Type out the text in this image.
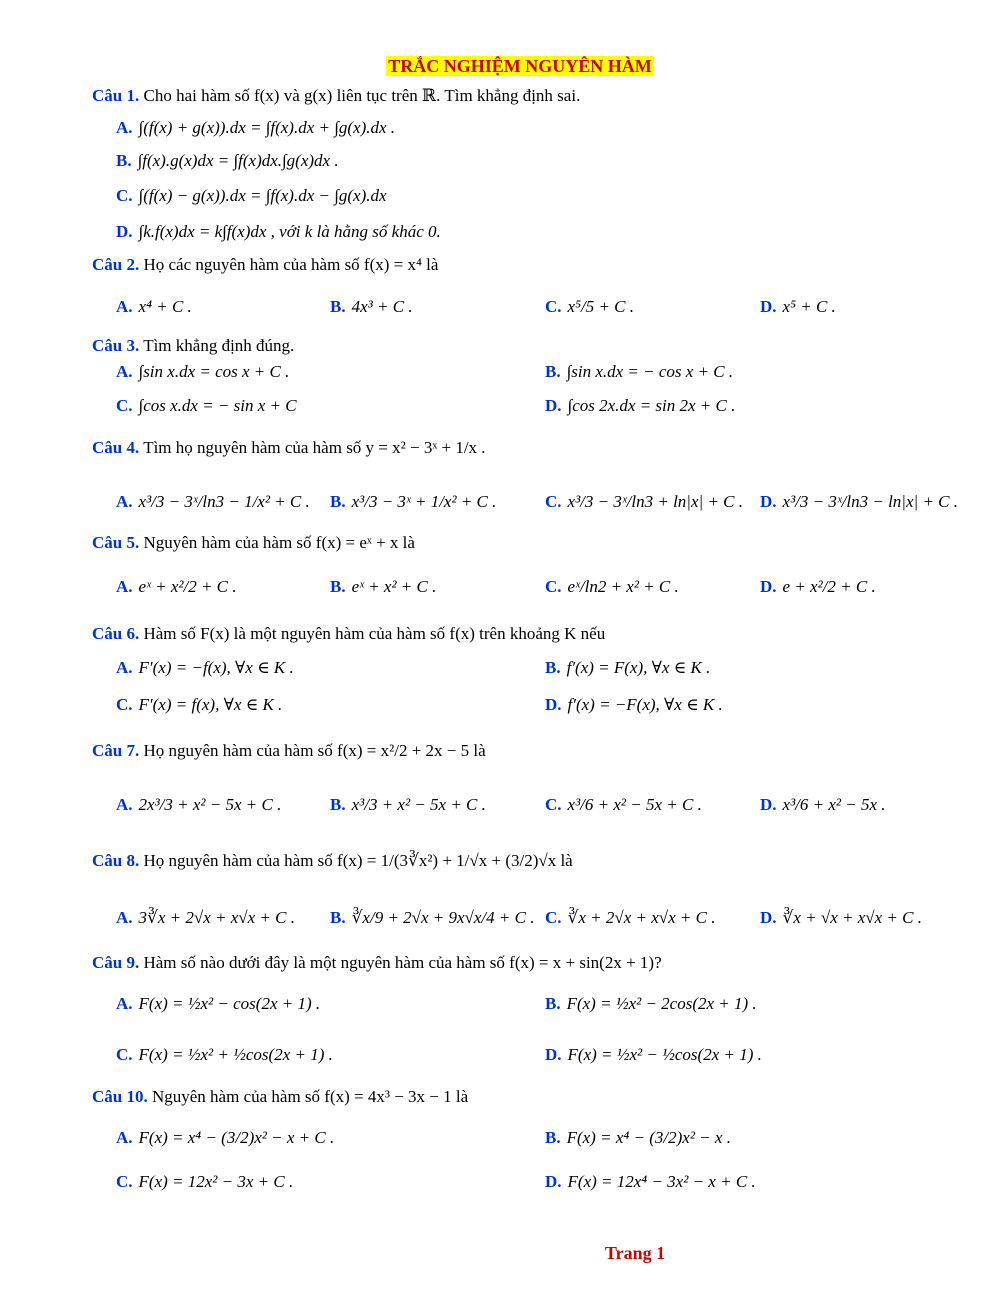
TRẮC NGHIỆM NGUYÊN HÀM
Câu 1. Cho hai hàm số f(x) và g(x) liên tục trên ℝ. Tìm khẳng định sai.
A. ∫(f(x) + g(x)).dx = ∫f(x).dx + ∫g(x).dx .
B. ∫f(x).g(x)dx = ∫f(x)dx.∫g(x)dx .
C. ∫(f(x) − g(x)).dx = ∫f(x).dx − ∫g(x).dx
D. ∫k.f(x)dx = k∫f(x)dx , với k là hằng số khác 0.
Câu 2. Họ các nguyên hàm của hàm số f(x) = x⁴ là
A. x⁴ + C .	B. 4x³ + C .	C. x⁵/5 + C .	D. x⁵ + C .
Câu 3. Tìm khẳng định đúng.
A. ∫sin x.dx = cos x + C .	B. ∫sin x.dx = − cos x + C .
C. ∫cos x.dx = − sin x + C	D. ∫cos 2x.dx = sin 2x + C .
Câu 4. Tìm họ nguyên hàm của hàm số y = x² − 3ˣ + 1/x .
A. x³/3 − 3ˣ/ln3 − 1/x² + C . B. x³/3 − 3ˣ + 1/x² + C .	C. x³/3 − 3ˣ/ln3 + ln|x| + C . D. x³/3 − 3ˣ/ln3 − ln|x| + C .
Câu 5. Nguyên hàm của hàm số f(x) = eˣ + x là
A. eˣ + x²/2 + C .	B. eˣ + x² + C .	C. eˣ/ln2 + x² + C .	D. e + x²/2 + C .
Câu 6. Hàm số F(x) là một nguyên hàm của hàm số f(x) trên khoảng K nếu
A. F′(x) = −f(x), ∀x ∈ K .	B. f′(x) = F(x), ∀x ∈ K .
C. F′(x) = f(x), ∀x ∈ K .	D. f′(x) = −F(x), ∀x ∈ K .
Câu 7. Họ nguyên hàm của hàm số f(x) = x²/2 + 2x − 5 là
A. 2x³/3 + x² − 5x + C .	B. x³/3 + x² − 5x + C .	C. x³/6 + x² − 5x + C .	D. x³/6 + x² − 5x .
Câu 8. Họ nguyên hàm của hàm số f(x) = 1/(3∛x²) + 1/√x + (3/2)√x là
A. 3∛x + 2√x + x√x + C . B. ∛x/9 + 2√x + 9x√x/4 + C . C. ∛x + 2√x + x√x + C .	D. ∛x + √x + x√x + C .
Câu 9. Hàm số nào dưới đây là một nguyên hàm của hàm số f(x) = x + sin(2x + 1)?
A. F(x) = ½x² − cos(2x + 1) .	B. F(x) = ½x² − 2cos(2x + 1) .
C. F(x) = ½x² + ½cos(2x + 1) .	D. F(x) = ½x² − ½cos(2x + 1) .
Câu 10. Nguyên hàm của hàm số f(x) = 4x³ − 3x − 1 là
A. F(x) = x⁴ − (3/2)x² − x + C .	B. F(x) = x⁴ − (3/2)x² − x .
C. F(x) = 12x² − 3x + C .	D. F(x) = 12x⁴ − 3x² − x + C .
Trang 1
